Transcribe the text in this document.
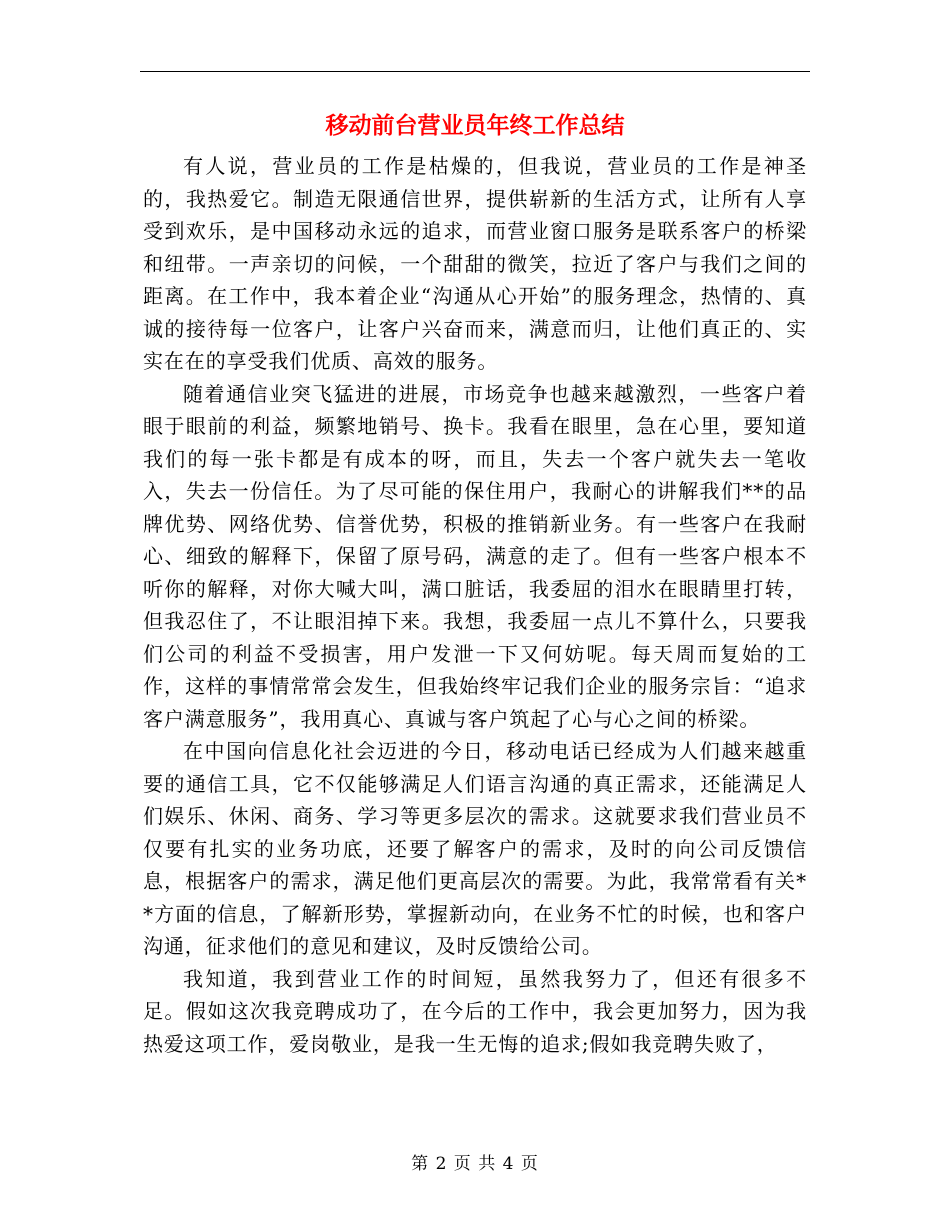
移动前台营业员年终工作总结

有人说，营业员的工作是枯燥的，但我说，营业员的工作是神圣的，我热爱它。制造无限通信世界，提供崭新的生活方式，让所有人享受到欢乐，是中国移动永远的追求，而营业窗口服务是联系客户的桥梁和纽带。一声亲切的问候，一个甜甜的微笑，拉近了客户与我们之间的距离。在工作中，我本着企业“沟通从心开始”的服务理念，热情的、真诚的接待每一位客户，让客户兴奋而来，满意而归，让他们真正的、实实在在的享受我们优质、高效的服务。

随着通信业突飞猛进的进展，市场竞争也越来越激烈，一些客户着眼于眼前的利益，频繁地销号、换卡。我看在眼里，急在心里，要知道我们的每一张卡都是有成本的呀，而且，失去一个客户就失去一笔收入，失去一份信任。为了尽可能的保住用户，我耐心的讲解我们**的品牌优势、网络优势、信誉优势，积极的推销新业务。有一些客户在我耐心、细致的解释下，保留了原号码，满意的走了。但有一些客户根本不听你的解释，对你大喊大叫，满口脏话，我委屈的泪水在眼睛里打转，但我忍住了，不让眼泪掉下来。我想，我委屈一点儿不算什么，只要我们公司的利益不受损害，用户发泄一下又何妨呢。每天周而复始的工作，这样的事情常常会发生，但我始终牢记我们企业的服务宗旨：“追求客户满意服务”，我用真心、真诚与客户筑起了心与心之间的桥梁。

在中国向信息化社会迈进的今日，移动电话已经成为人们越来越重要的通信工具，它不仅能够满足人们语言沟通的真正需求，还能满足人们娱乐、休闲、商务、学习等更多层次的需求。这就要求我们营业员不仅要有扎实的业务功底，还要了解客户的需求，及时的向公司反馈信息，根据客户的需求，满足他们更高层次的需要。为此，我常常看有关**方面的信息，了解新形势，掌握新动向，在业务不忙的时候，也和客户沟通，征求他们的意见和建议，及时反馈给公司。

我知道，我到营业工作的时间短，虽然我努力了，但还有很多不足。假如这次我竞聘成功了，在今后的工作中，我会更加努力，因为我热爱这项工作，爱岗敬业，是我一生无悔的追求;假如我竞聘失败了，

第 2 页 共 4 页
